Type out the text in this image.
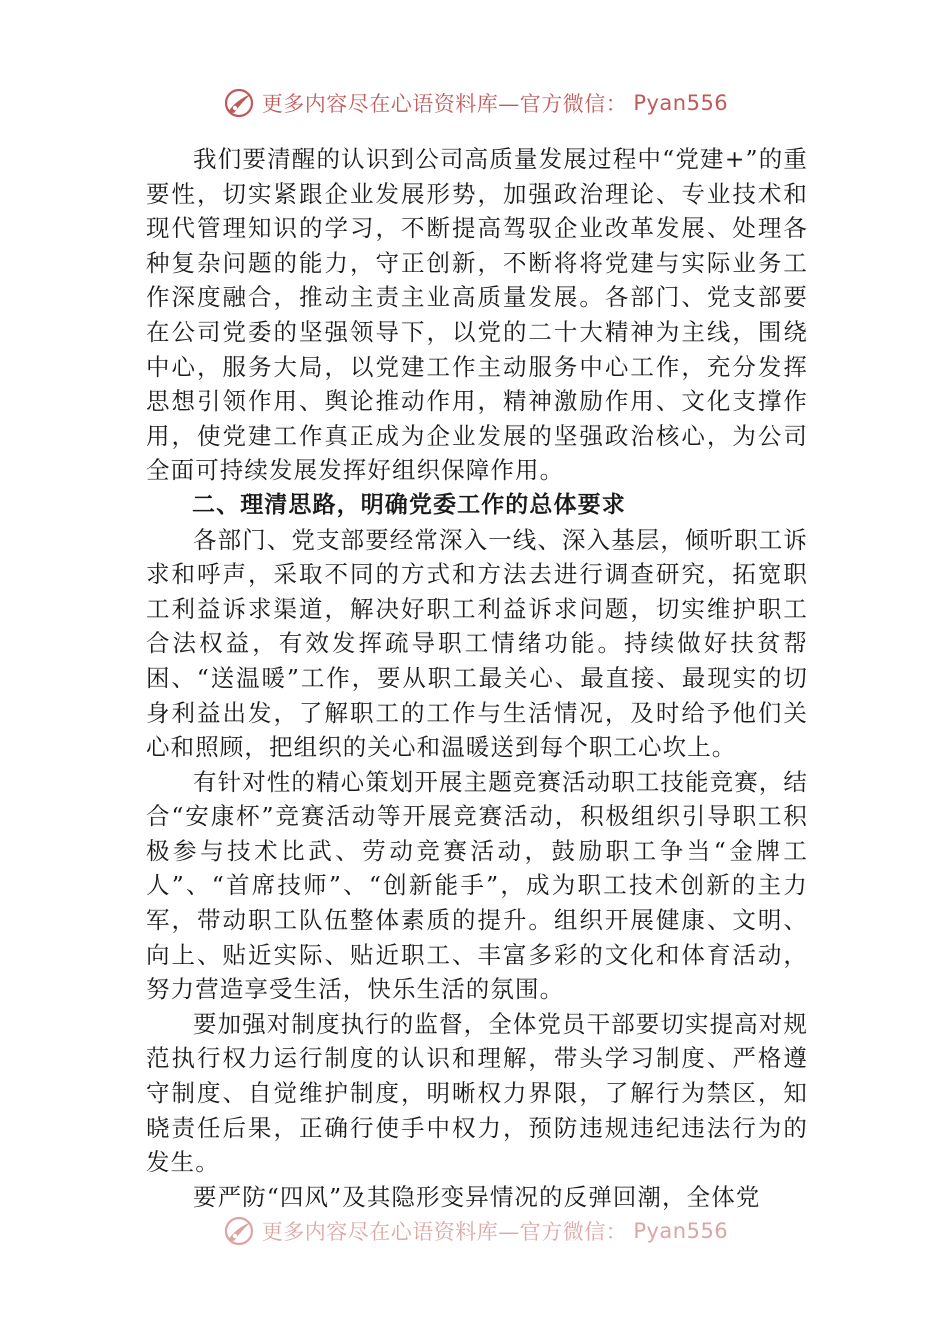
更多内容尽在心语资料库—官方微信： Pyan556

我们要清醒的认识到公司高质量发展过程中“党建+”的重要性，切实紧跟企业发展形势，加强政治理论、专业技术和现代管理知识的学习，不断提高驾驭企业改革发展、处理各种复杂问题的能力，守正创新，不断将将党建与实际业务工作深度融合，推动主责主业高质量发展。各部门、党支部要在公司党委的坚强领导下，以党的二十大精神为主线，围绕中心，服务大局，以党建工作主动服务中心工作，充分发挥思想引领作用、舆论推动作用，精神激励作用、文化支撑作用，使党建工作真正成为企业发展的坚强政治核心，为公司全面可持续发展发挥好组织保障作用。

二、理清思路，明确党委工作的总体要求

各部门、党支部要经常深入一线、深入基层，倾听职工诉求和呼声，采取不同的方式和方法去进行调查研究，拓宽职工利益诉求渠道，解决好职工利益诉求问题，切实维护职工合法权益，有效发挥疏导职工情绪功能。持续做好扶贫帮困、“送温暖”工作，要从职工最关心、最直接、最现实的切身利益出发，了解职工的工作与生活情况，及时给予他们关心和照顾，把组织的关心和温暖送到每个职工心坎上。

有针对性的精心策划开展主题竞赛活动职工技能竞赛，结合“安康杯”竞赛活动等开展竞赛活动，积极组织引导职工积极参与技术比武、劳动竞赛活动，鼓励职工争当“金牌工人”、“首席技师”、“创新能手”，成为职工技术创新的主力军，带动职工队伍整体素质的提升。组织开展健康、文明、向上、贴近实际、贴近职工、丰富多彩的文化和体育活动，努力营造享受生活，快乐生活的氛围。

要加强对制度执行的监督，全体党员干部要切实提高对规范执行权力运行制度的认识和理解，带头学习制度、严格遵守制度、自觉维护制度，明晰权力界限，了解行为禁区，知晓责任后果，正确行使手中权力，预防违规违纪违法行为的发生。

要严防“四风”及其隐形变异情况的反弹回潮，全体党

更多内容尽在心语资料库—官方微信： Pyan556
